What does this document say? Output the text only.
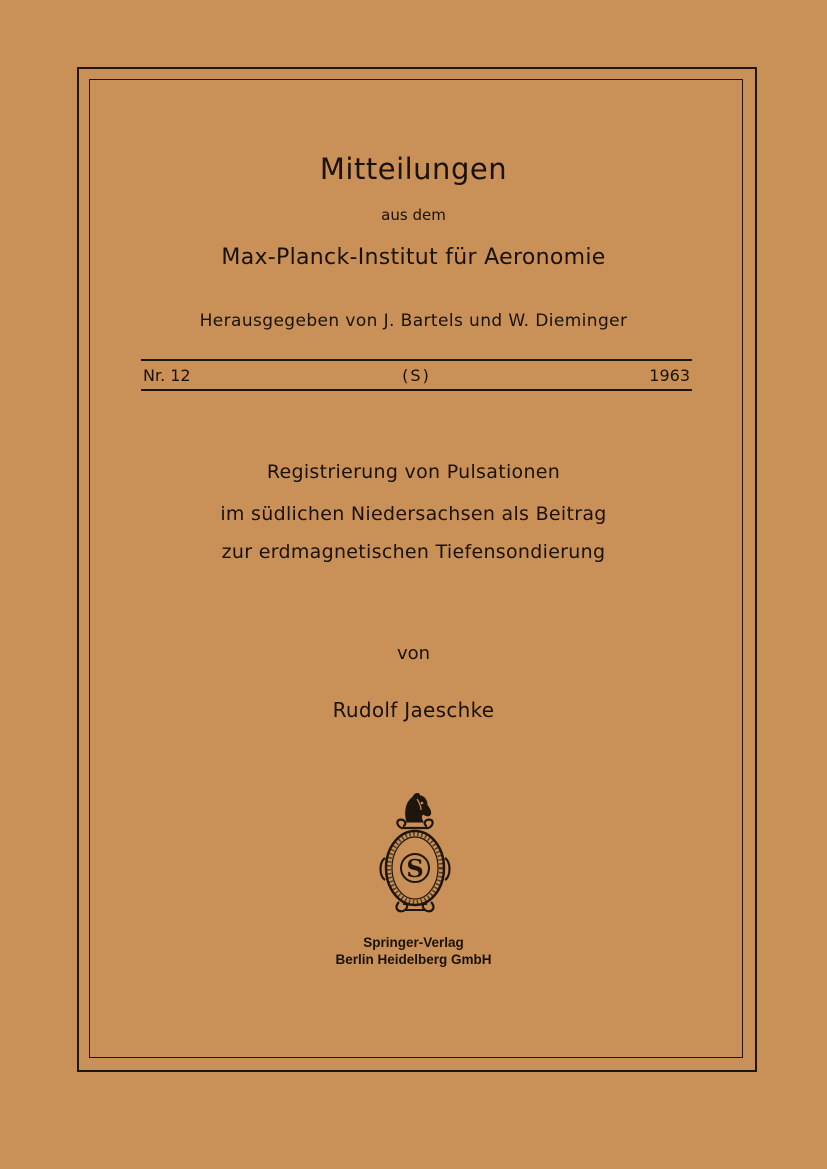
Mitteilungen
aus dem
Max-Planck-Institut für Aeronomie
Herausgegeben von J. Bartels und W. Dieminger
Nr. 12	(S)	1963
Registrierung von Pulsationen
im südlichen Niedersachsen als Beitrag
zur erdmagnetischen Tiefensondierung
von
Rudolf Jaeschke
S
Springer-Verlag
Berlin Heidelberg GmbH
